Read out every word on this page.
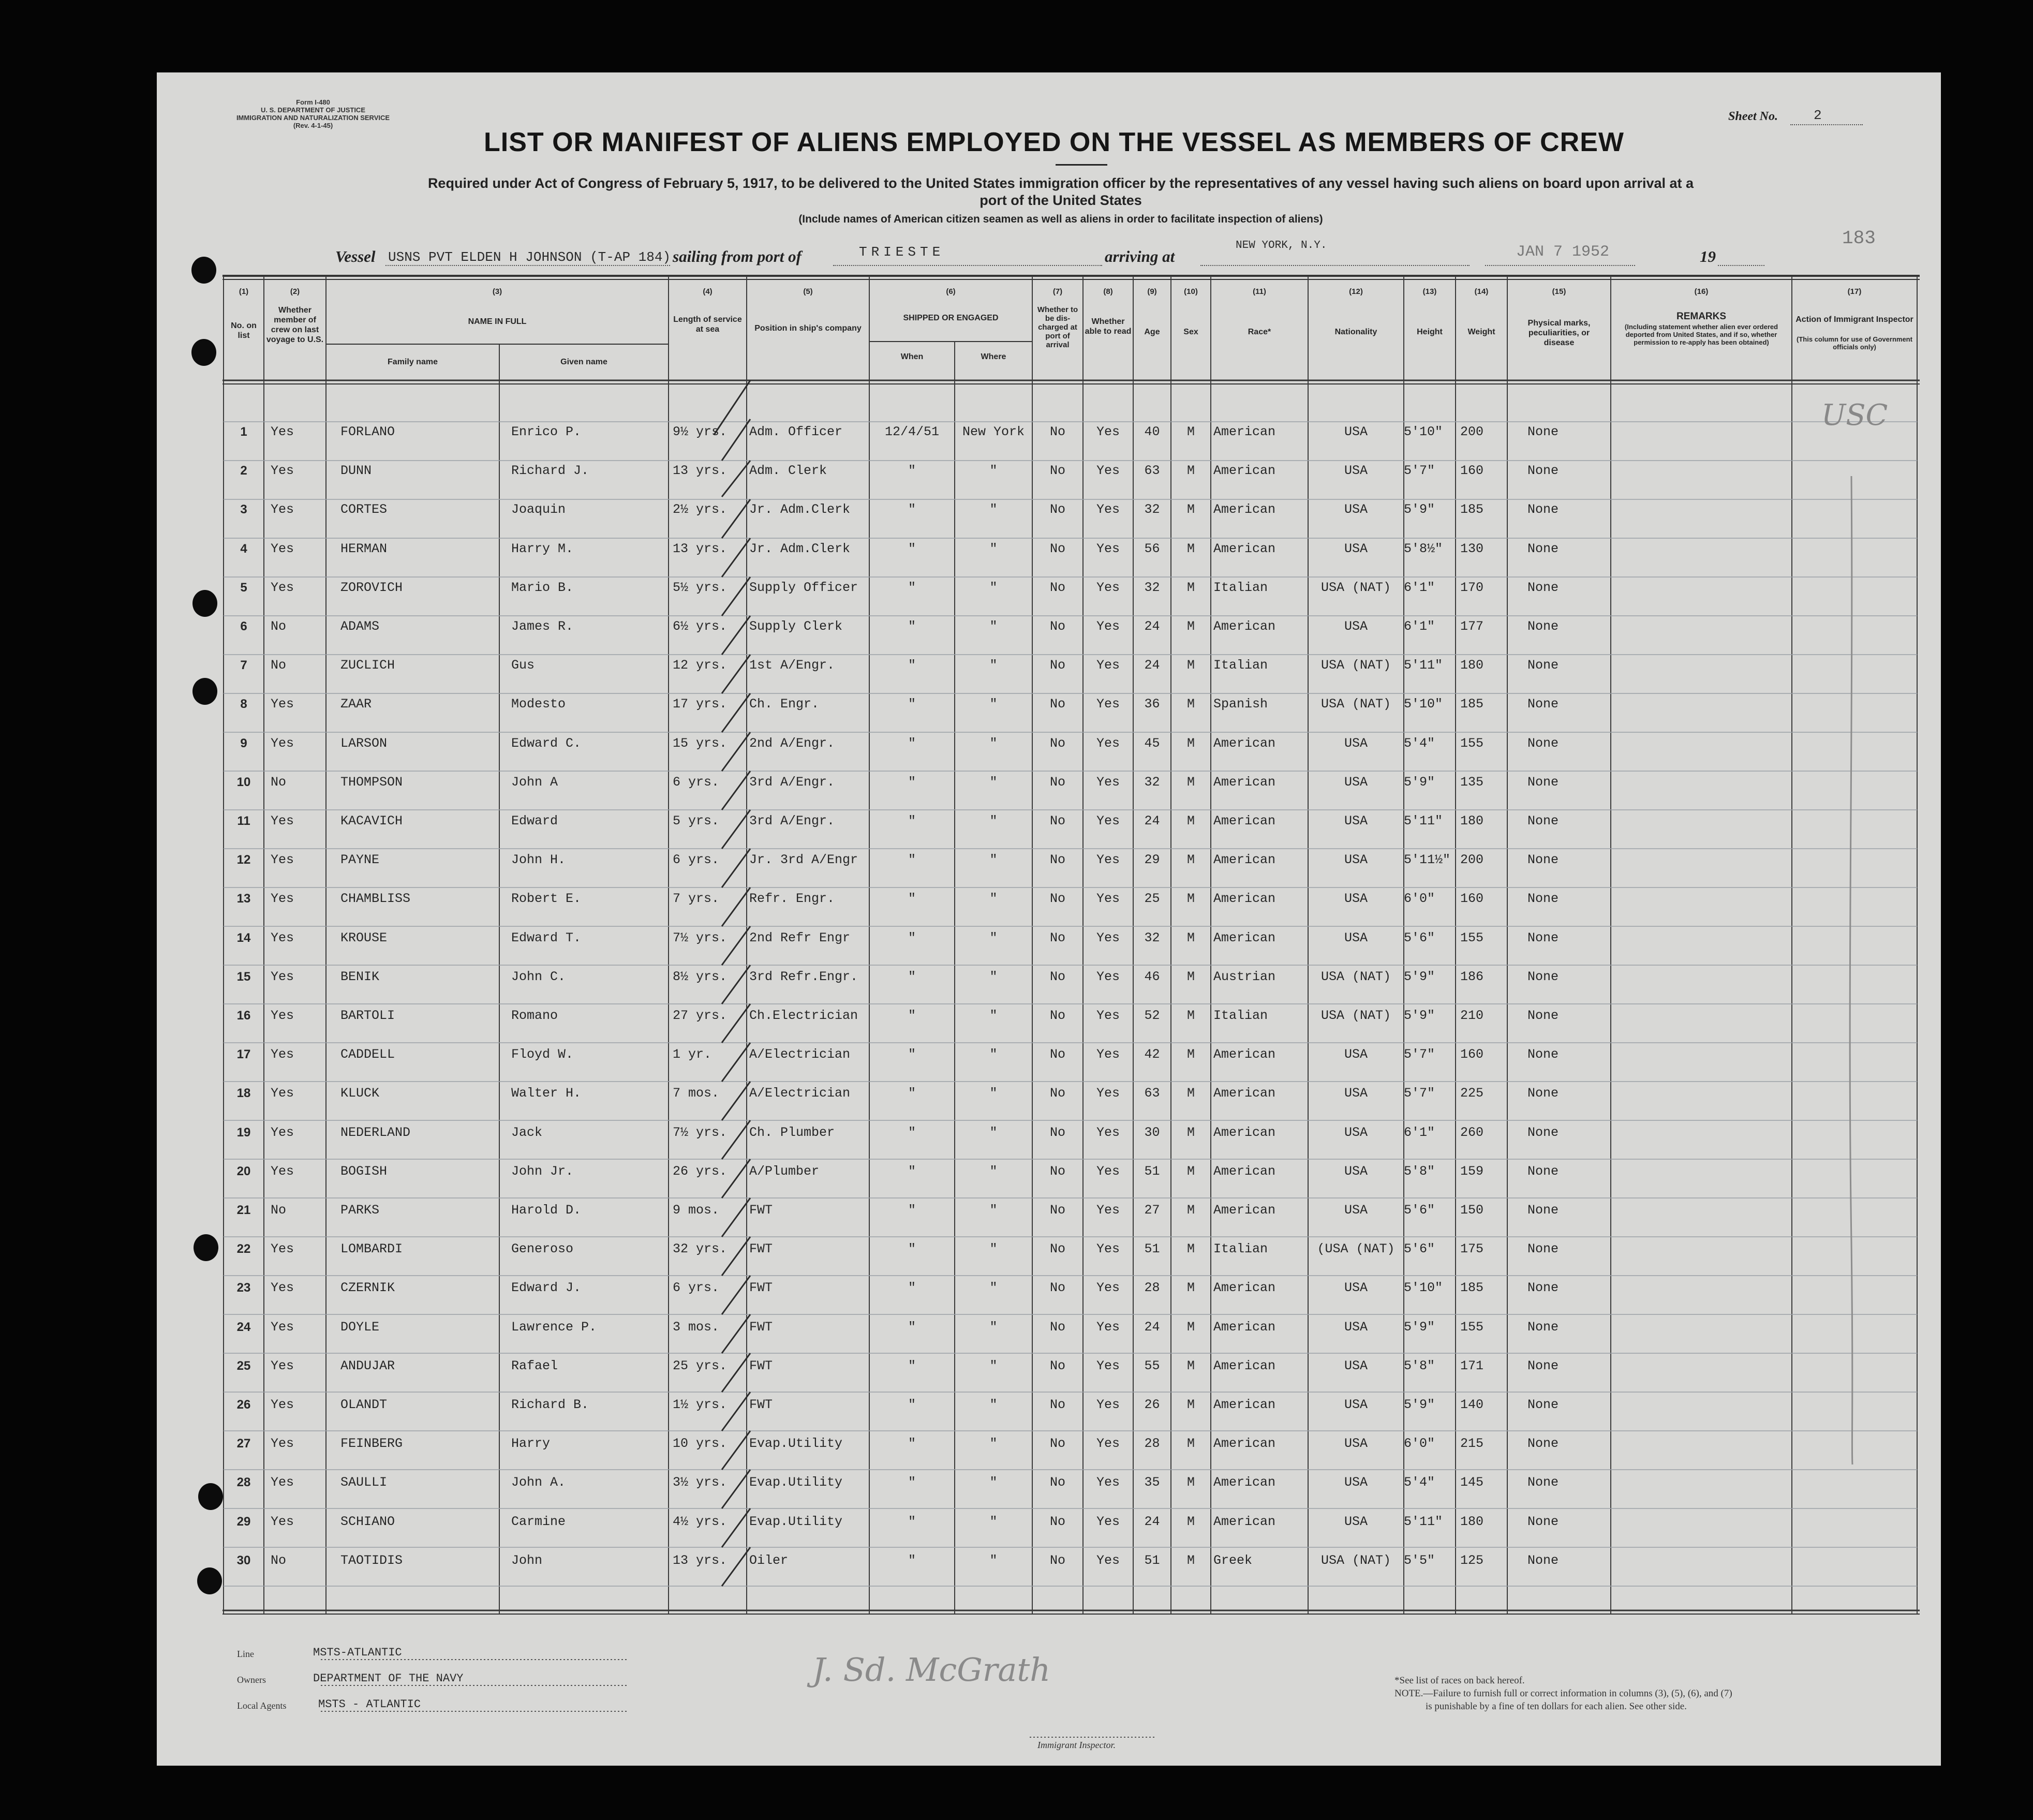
Form I-480
U. S. DEPARTMENT OF JUSTICE
IMMIGRATION AND NATURALIZATION SERVICE
(Rev. 4-1-45)
LIST OR MANIFEST OF ALIENS EMPLOYED ON THE VESSEL AS MEMBERS OF CREW
Sheet No.	2
Required under Act of Congress of February 5, 1917, to be delivered to the United States immigration officer by the representatives of any vessel having such aliens on board upon arrival at a
port of the United States
(Include names of American citizen seamen as well as aliens in order to facilitate inspection of aliens)
Vessel USNS PVT ELDEN H JOHNSON (T-AP 184) sailing from port of	TRIESTE	arriving at
NEW YORK, N.Y.	JAN 7 1952	19
183
(1)	(2)	(3)	(4)	(5)	(6)	(7)	(8)	(9)	(10)	(11)	(12)	(13)	(14)	(15)	(16)	(17)
No. on list
Whether member of crew on last voyage to U.S.
NAME IN FULL
Family name	Given name
Length of service at sea	Position in ship's company
SHIPPED OR ENGAGED
When	Where
Whether to be dis-charged at port of arrival
Whether able to read	Age	Sex	Race*	Nationality	Height	Weight
Physical marks, peculiarities, or disease
REMARKS
(Including statement whether alien ever ordered deported from United States, and if so, whether permission to re-apply has been obtained)
Action of Immigrant Inspector
(This column for use of Government officials only)
1	Yes	FORLANO	Enrico P.	9½ yrs. Adm. Officer	12/4/51	New York	No	Yes	40	M	American	USA	5'10" 200	None
2	Yes	DUNN	Richard J.	13 yrs. Adm. Clerk	"	"	No	Yes	63	M	American	USA	5'7" 160	None
3	Yes	CORTES	Joaquin	2½ yrs. Jr. Adm.Clerk	"	"	No	Yes	32	M	American	USA	5'9" 185	None
4	Yes	HERMAN	Harry M.	13 yrs. Jr. Adm.Clerk	"	"	No	Yes	56	M	American	USA	5'8½" 130	None
5	Yes	ZOROVICH	Mario B.	5½ yrs. Supply Officer	"	"	No	Yes	32	M	Italian	USA (NAT) 6'1" 170	None
6	No	ADAMS	James R.	6½ yrs. Supply Clerk	"	"	No	Yes	24	M	American	USA	6'1" 177	None
7	No	ZUCLICH	Gus	12 yrs. 1st A/Engr.	"	"	No	Yes	24	M	Italian	USA (NAT) 5'11" 180	None
8	Yes	ZAAR	Modesto	17 yrs. Ch. Engr.	"	"	No	Yes	36	M	Spanish	USA (NAT) 5'10" 185	None
9	Yes	LARSON	Edward C.	15 yrs. 2nd A/Engr.	"	"	No	Yes	45	M	American	USA	5'4" 155	None
10	No	THOMPSON	John A	6 yrs. 3rd A/Engr.	"	"	No	Yes	32	M	American	USA	5'9" 135	None
11	Yes	KACAVICH	Edward	5 yrs. 3rd A/Engr.	"	"	No	Yes	24	M	American	USA	5'11" 180	None
12	Yes	PAYNE	John H.	6 yrs. Jr. 3rd A/Engr	"	"	No	Yes	29	M	American	USA	5'11½" 200	None
13	Yes	CHAMBLISS	Robert E.	7 yrs. Refr. Engr.	"	"	No	Yes	25	M	American	USA	6'0" 160	None
14	Yes	KROUSE	Edward T.	7½ yrs. 2nd Refr Engr	"	"	No	Yes	32	M	American	USA	5'6" 155	None
15	Yes	BENIK	John C.	8½ yrs. 3rd Refr.Engr.	"	"	No	Yes	46	M	Austrian	USA (NAT) 5'9" 186	None
16	Yes	BARTOLI	Romano	27 yrs. Ch.Electrician	"	"	No	Yes	52	M	Italian	USA (NAT) 5'9" 210	None
17	Yes	CADDELL	Floyd W.	1 yr.	A/Electrician	"	"	No	Yes	42	M	American	USA	5'7" 160	None
18	Yes	KLUCK	Walter H.	7 mos. A/Electrician	"	"	No	Yes	63	M	American	USA	5'7" 225	None
19	Yes	NEDERLAND	Jack	7½ yrs. Ch. Plumber	"	"	No	Yes	30	M	American	USA	6'1" 260	None
20	Yes	BOGISH	John Jr.	26 yrs. A/Plumber	"	"	No	Yes	51	M	American	USA	5'8" 159	None
21	No	PARKS	Harold D.	9 mos. FWT	"	"	No	Yes	27	M	American	USA	5'6" 150	None
22	Yes	LOMBARDI	Generoso	32 yrs. FWT	"	"	No	Yes	51	M	Italian	(USA (NAT) 5'6" 175	None
23	Yes	CZERNIK	Edward J.	6 yrs. FWT	"	"	No	Yes	28	M	American	USA	5'10" 185	None
24	Yes	DOYLE	Lawrence P.	3 mos. FWT	"	"	No	Yes	24	M	American	USA	5'9" 155	None
25	Yes	ANDUJAR	Rafael	25 yrs. FWT	"	"	No	Yes	55	M	American	USA	5'8" 171	None
26	Yes	OLANDT	Richard B.	1½ yrs. FWT	"	"	No	Yes	26	M	American	USA	5'9" 140	None
27	Yes	FEINBERG	Harry	10 yrs. Evap.Utility	"	"	No	Yes	28	M	American	USA	6'0" 215	None
28	Yes	SAULLI	John A.	3½ yrs. Evap.Utility	"	"	No	Yes	35	M	American	USA	5'4" 145	None
29	Yes	SCHIANO	Carmine	4½ yrs. Evap.Utility	"	"	No	Yes	24	M	American	USA	5'11" 180	None
30	No	TAOTIDIS	John	13 yrs. Oiler	"	"	No	Yes	51	M	Greek	USA (NAT) 5'5" 125	None
USC
Line	MSTS-ATLANTIC
Owners	DEPARTMENT OF THE NAVY
Local Agents	MSTS - ATLANTIC
J. Sd. McGrath
Immigrant Inspector.
*See list of races on back hereof.
NOTE.—Failure to furnish full or correct information in columns (3), (5), (6), and (7)
is punishable by a fine of ten dollars for each alien. See other side.
